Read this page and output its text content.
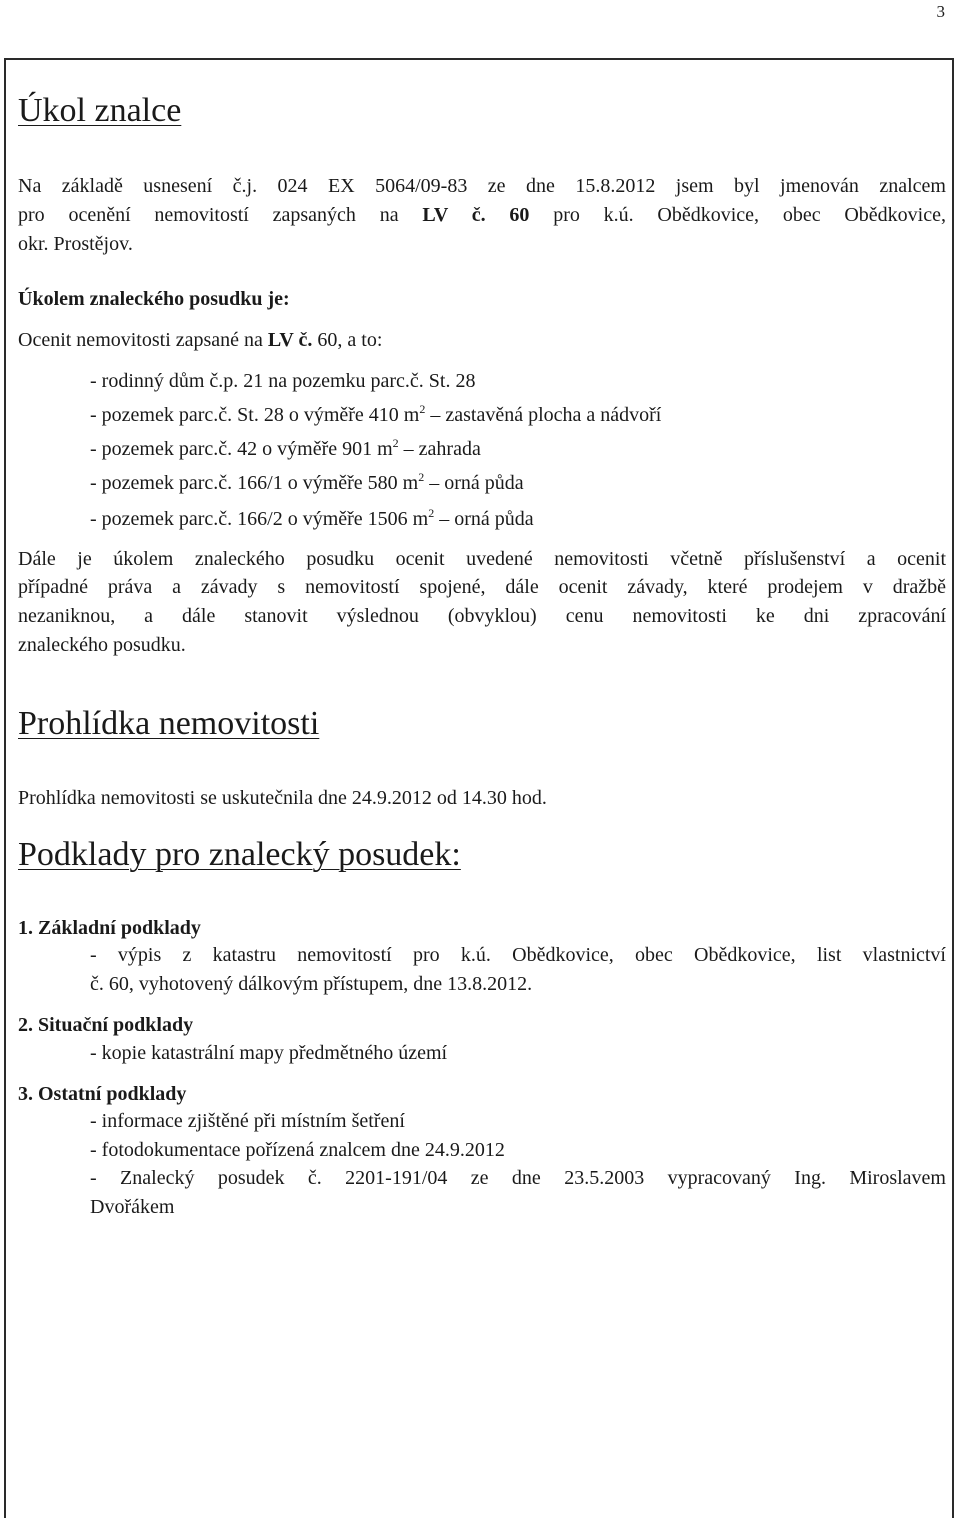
3
Úkol znalce

Na základě usnesení č.j. 024 EX 5064/09-83 ze dne 15.8.2012 jsem byl jmenován znalcem

pro ocenění nemovitostí zapsaných na LV č. 60 pro k.ú. Obědkovice, obec Obědkovice,

okr. Prostějov.

Úkolem znaleckého posudku je:

Ocenit nemovitosti zapsané na LV č. 60, a to:

- rodinný dům č.p. 21 na pozemku parc.č. St. 28
- pozemek parc.č. St. 28 o výměře 410 $m^2$ – zastavěná plocha a nádvoří
- pozemek parc.č. 42 o výměře 901 $m^2$ – zahrada
- pozemek parc.č. 166/1 o výměře 580 $m^2$ – orná půda
- pozemek parc.č. 166/2 o výměře 1506 $m^2$ – orná půda

Dále je úkolem znaleckého posudku ocenit uvedené nemovitosti včetně příslušenství a ocenit

případné práva a závady s nemovitostí spojené, dále ocenit závady, které prodejem v dražbě

nezaniknou, a dále stanovit výslednou (obvyklou) cenu nemovitosti ke dni zpracování

znaleckého posudku.

Prohlídka nemovitosti

Prohlídka nemovitosti se uskutečnila dne 24.9.2012 od 14.30 hod.

Podklady pro znalecký posudek:

1. Základní podklady

- výpis z katastru nemovitostí pro k.ú. Obědkovice, obec Obědkovice, list vlastnictví

č. 60, vyhotovený dálkovým přístupem, dne 13.8.2012.

2. Situační podklady

- kopie katastrální mapy předmětného území

3. Ostatní podklady

- informace zjištěné při místním šetření

- fotodokumentace pořízená znalcem dne 24.9.2012

- Znalecký posudek č. 2201-191/04 ze dne 23.5.2003 vypracovaný Ing. Miroslavem

Dvořákem
